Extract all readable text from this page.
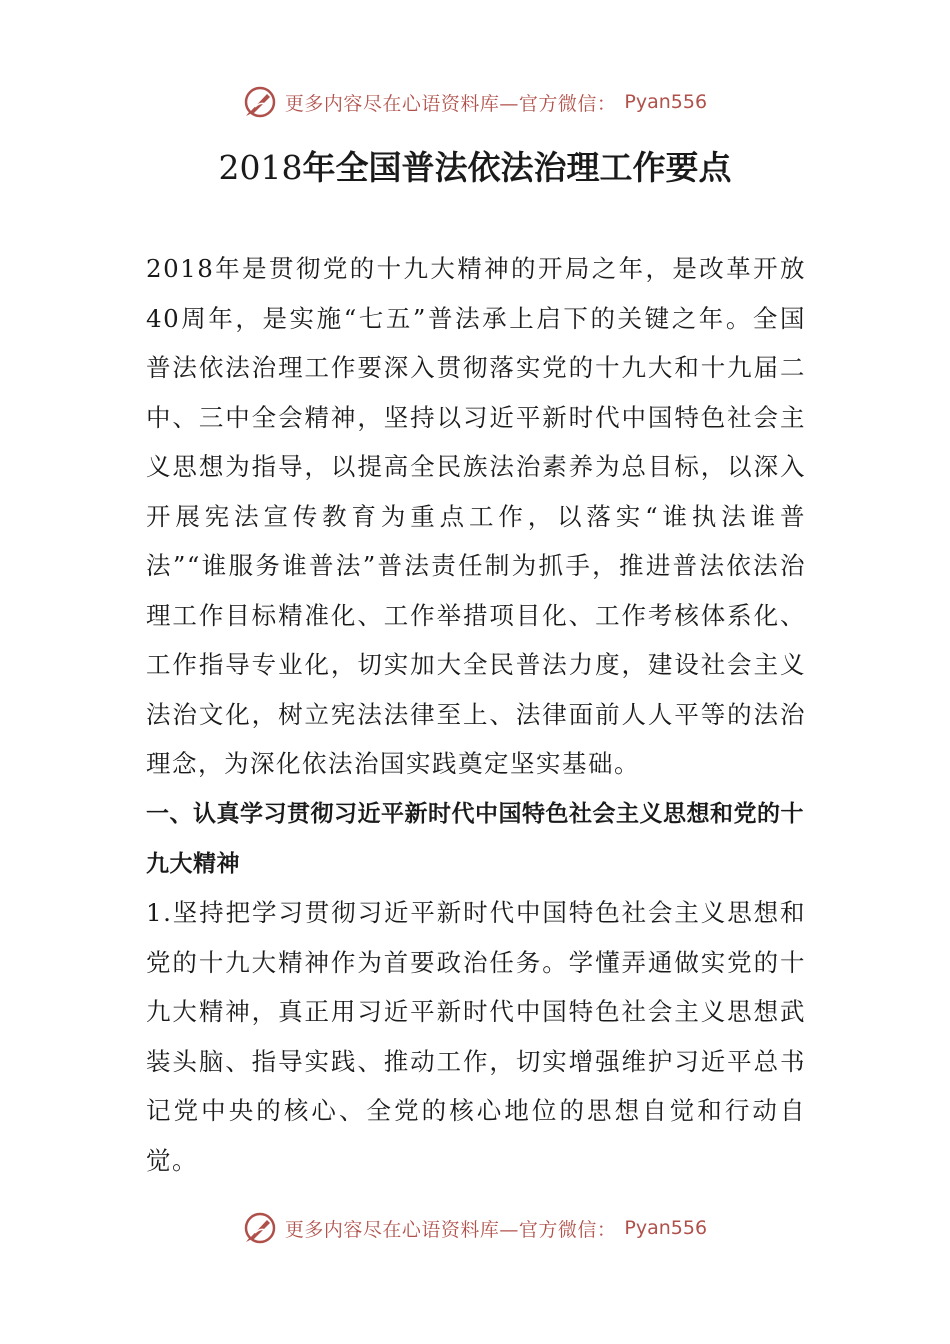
更多内容尽在心语资料库—官方微信： Pyan556
2018年全国普法依法治理工作要点

2018年是贯彻党的十九大精神的开局之年，是改革开放40周年，是实施“七五”普法承上启下的关键之年。全国普法依法治理工作要深入贯彻落实党的十九大和十九届二中、三中全会精神，坚持以习近平新时代中国特色社会主义思想为指导，以提高全民族法治素养为总目标，以深入开展宪法宣传教育为重点工作，以落实“谁执法谁普法”“谁服务谁普法”普法责任制为抓手，推进普法依法治理工作目标精准化、工作举措项目化、工作考核体系化、工作指导专业化，切实加大全民普法力度，建设社会主义法治文化，树立宪法法律至上、法律面前人人平等的法治理念，为深化依法治国实践奠定坚实基础。

一、认真学习贯彻习近平新时代中国特色社会主义思想和党的十九大精神

1.坚持把学习贯彻习近平新时代中国特色社会主义思想和党的十九大精神作为首要政治任务。学懂弄通做实党的十九大精神，真正用习近平新时代中国特色社会主义思想武装头脑、指导实践、推动工作，切实增强维护习近平总书记党中央的核心、全党的核心地位的思想自觉和行动自觉。

更多内容尽在心语资料库—官方微信： Pyan556
